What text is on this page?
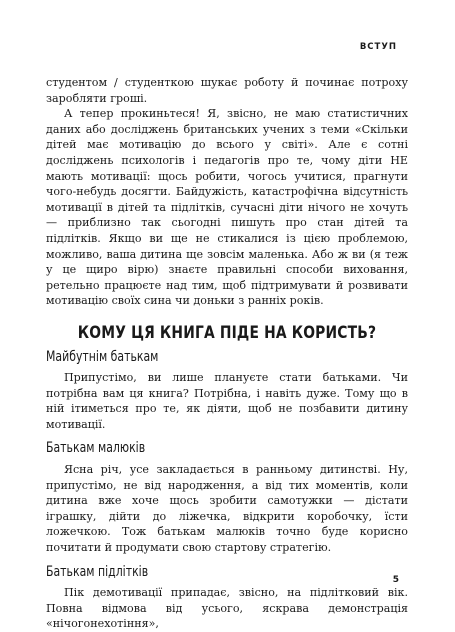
ВСТУП

студентом / студенткою шукає роботу й починає потроху заробляти гроші.

А тепер прокиньтеся! Я, звісно, не маю статистичних даних або досліджень британських учених з теми «Скільки дітей має мотивацію до всього у світі». Але є сотні досліджень психологів і педагогів про те, чому діти НЕ мають мотивації: щось робити, чогось учитися, прагнути чого-небудь досягти. Байдужість, катастрофічна відсутність мотивації в дітей та підлітків, сучасні діти нічого не хочуть — приблизно так сьогодні пишуть про стан дітей та підлітків. Якщо ви ще не стикалися із цією проблемою, можливо, ваша дитина ще зовсім маленька. Або ж ви (я теж у це щиро вірю) знаєте правильні способи виховання, ретельно працюєте над тим, щоб підтримувати й розвивати мотивацію своїх сина чи доньки з ранніх років.

КОМУ ЦЯ КНИГА ПІДЕ НА КОРИСТЬ?
Майбутнім батькам

Припустімо, ви лише плануєте стати батьками. Чи потрібна вам ця книга? Потрібна, і навіть дуже. Тому що в ній ітиметься про те, як діяти, щоб не позбавити дитину мотивації.

Батькам малюків

Ясна річ, усе закладається в ранньому дитинстві. Ну, припустімо, не від народження, а від тих моментів, коли дитина вже хоче щось зробити самотужки — дістати іграшку, дійти до ліжечка, відкрити коробочку, їсти ложечкою. Тож батькам малюків точно буде корисно почитати й продумати свою стартову стратегію.

Батькам підлітків

Пік демотивації припадає, звісно, на підлітковий вік. Повна відмова від усього, яскрава демонстрація «нічогонехотіння»,

5
